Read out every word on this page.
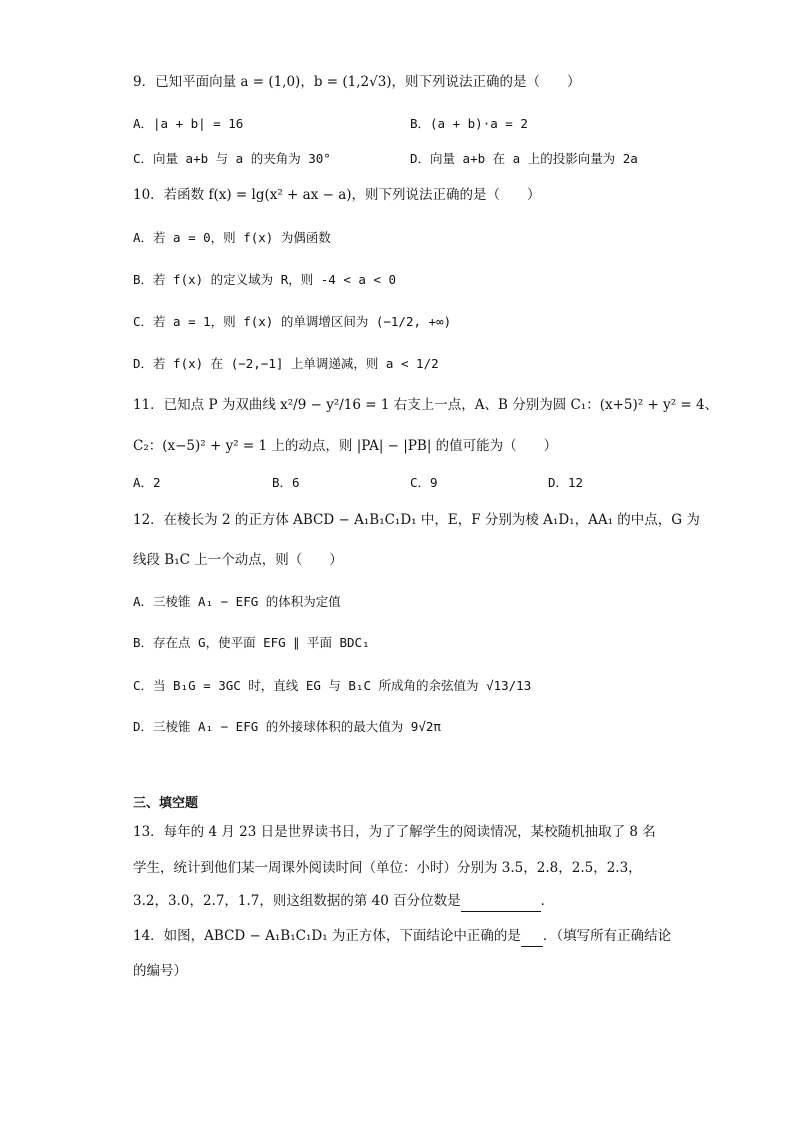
9．已知平面向量 a = (1,0)，b = (1,2√3)，则下列说法正确的是（　　）
A．|a + b| = 16	B．(a + b)·a = 2
C．向量 a+b 与 a 的夹角为 30°	D．向量 a+b 在 a 上的投影向量为 2a
10．若函数 f(x) = lg(x² + ax − a)，则下列说法正确的是（　　）
A．若 a = 0，则 f(x) 为偶函数
B．若 f(x) 的定义域为 R，则 -4 < a < 0
C．若 a = 1，则 f(x) 的单调增区间为 (−1/2, +∞)
D．若 f(x) 在 (−2,−1] 上单调递减，则 a < 1/2
11．已知点 P 为双曲线 x²/9 − y²/16 = 1 右支上一点，A、B 分别为圆 C₁：(x+5)² + y² = 4、
C₂：(x−5)² + y² = 1 上的动点，则 |PA| − |PB| 的值可能为（　　）
A．2	B．6	C．9	D．12
12．在棱长为 2 的正方体 ABCD − A₁B₁C₁D₁ 中，E，F 分别为棱 A₁D₁，AA₁ 的中点，G 为
线段 B₁C 上一个动点，则（　　）
A．三棱锥 A₁ − EFG 的体积为定值
B．存在点 G，使平面 EFG ∥ 平面 BDC₁
C．当 B₁G = 3GC 时，直线 EG 与 B₁C 所成角的余弦值为 √13/13
D．三棱锥 A₁ − EFG 的外接球体积的最大值为 9√2π
三、填空题
13．每年的 4 月 23 日是世界读书日，为了了解学生的阅读情况，某校随机抽取了 8 名
学生，统计到他们某一周课外阅读时间（单位：小时）分别为 3.5，2.8，2.5，2.3，
3.2，3.0，2.7，1.7，则这组数据的第 40 百分位数是	．
14．如图，ABCD − A₁B₁C₁D₁ 为正方体，下面结论中正确的是 ．（填写所有正确结论
的编号）
